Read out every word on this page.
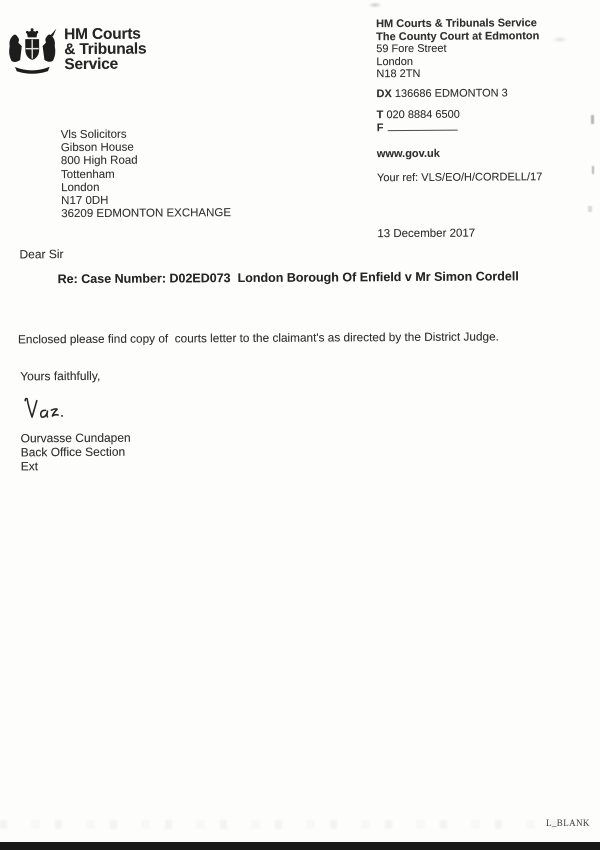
HM Courts
& Tribunals
Service
HM Courts & Tribunals Service
The County Court at Edmonton
59 Fore Street
London
N18 2TN
DX 136686 EDMONTON 3
T 020 8884 6500
F
www.gov.uk
Your ref: VLS/EO/H/CORDELL/17
Vls Solicitors
Gibson House
800 High Road
Tottenham
London
N17 0DH
36209 EDMONTON EXCHANGE
13 December 2017
Dear Sir
Re: Case Number: D02ED073  London Borough Of Enfield v Mr Simon Cordell
Enclosed please find copy of  courts letter to the claimant's as directed by the District Judge.
Yours faithfully,
Ourvasse Cundapen
Back Office Section
Ext
L_BLANK
